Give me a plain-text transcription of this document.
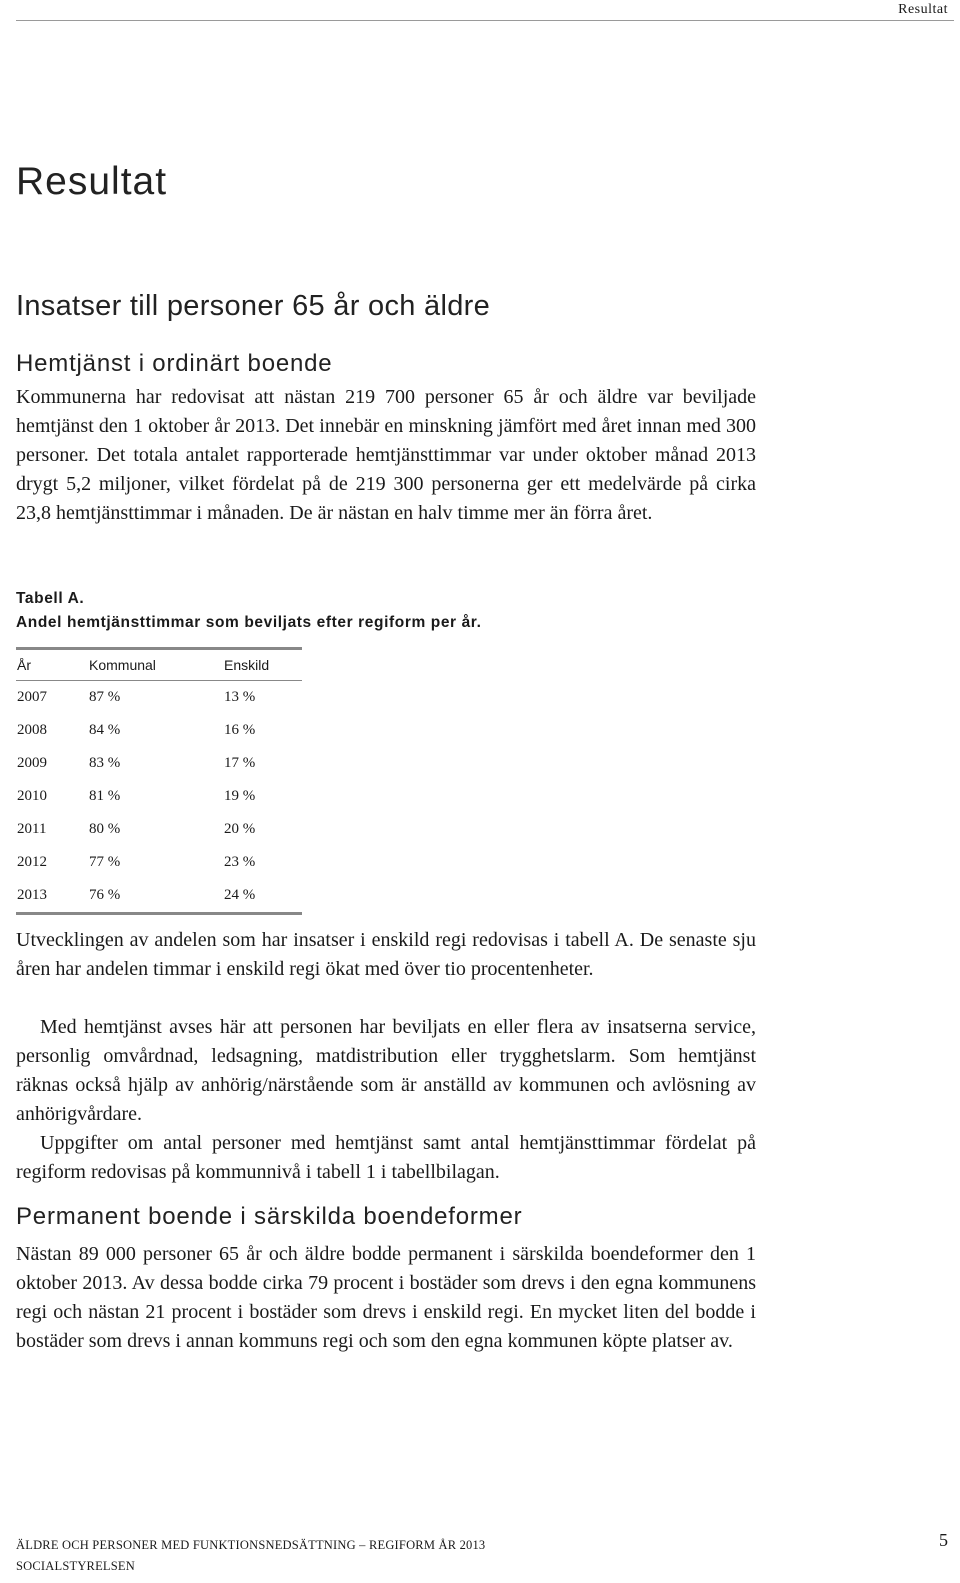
Resultat
Resultat
Insatser till personer 65 år och äldre
Hemtjänst i ordinärt boende

Kommunerna har redovisat att nästan 219 700 personer 65 år och äldre var beviljade hemtjänst den 1 oktober år 2013. Det innebär en minskning jämfört med året innan med 300 personer. Det totala antalet rapporterade hemtjänsttimmar var under oktober månad 2013 drygt 5,2 miljoner, vilket fördelat på de 219 300 personerna ger ett medelvärde på cirka 23,8 hemtjänsttimmar i månaden. De är nästan en halv timme mer än förra året.

Tabell A.
Andel hemtjänsttimmar som beviljats efter regiform per år.
År	Kommunal	Enskild
2007	87 %	13 %
2008	84 %	16 %
2009	83 %	17 %
2010	81 %	19 %
2011	80 %	20 %
2012	77 %	23 %
2013	76 %	24 %

Utvecklingen av andelen som har insatser i enskild regi redovisas i tabell A. De senaste sju åren har andelen timmar i enskild regi ökat med över tio procentenheter.

Med hemtjänst avses här att personen har beviljats en eller flera av insatserna service, personlig omvårdnad, ledsagning, matdistribution eller trygghetslarm. Som hemtjänst räknas också hjälp av anhörig/närstående som är anställd av kommunen och avlösning av anhörigvårdare.

Uppgifter om antal personer med hemtjänst samt antal hemtjänsttimmar fördelat på regiform redovisas på kommunnivå i tabell 1 i tabellbilagan.

Permanent boende i särskilda boendeformer

Nästan 89 000 personer 65 år och äldre bodde permanent i särskilda boendeformer den 1 oktober 2013. Av dessa bodde cirka 79 procent i bostäder som drevs i den egna kommunens regi och nästan 21 procent i bostäder som drevs i enskild regi. En mycket liten del bodde i bostäder som drevs i annan kommuns regi och som den egna kommunen köpte platser av.

ÄLDRE OCH PERSONER MED FUNKTIONSNEDSÄTTNING – REGIFORM ÅR 2013
SOCIALSTYRELSEN
5
